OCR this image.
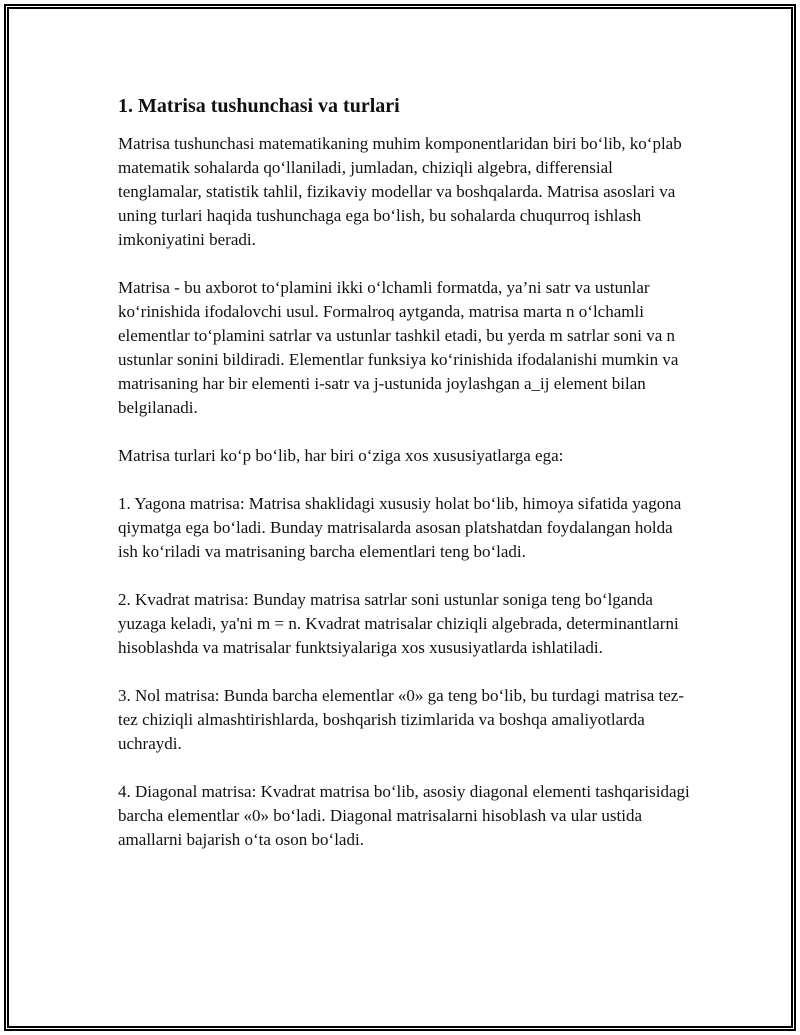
1. Matrisa tushunchasi va turlari

Matrisa tushunchasi matematikaning muhim komponentlaridan biri bo‘lib, ko‘plab matematik sohalarda qo‘llaniladi, jumladan, chiziqli algebra, differensial tenglamalar, statistik tahlil, fizikaviy modellar va boshqalarda. Matrisa asoslari va uning turlari haqida tushunchaga ega bo‘lish, bu sohalarda chuqurroq ishlash imkoniyatini beradi.

Matrisa - bu axborot to‘plamini ikki o‘lchamli formatda, ya’ni satr va ustunlar ko‘rinishida ifodalovchi usul. Formalroq aytganda, matrisa marta n o‘lchamli elementlar to‘plamini satrlar va ustunlar tashkil etadi, bu yerda m satrlar soni va n ustunlar sonini bildiradi. Elementlar funksiya ko‘rinishida ifodalanishi mumkin va matrisaning har bir elementi i-satr va j-ustunida joylashgan a_ij element bilan belgilanadi.

Matrisa turlari ko‘p bo‘lib, har biri o‘ziga xos xususiyatlarga ega:

1. Yagona matrisa: Matrisa shaklidagi xususiy holat bo‘lib, himoya sifatida yagona qiymatga ega bo‘ladi. Bunday matrisalarda asosan platshatdan foydalangan holda ish ko‘riladi va matrisaning barcha elementlari teng bo‘ladi.

2. Kvadrat matrisa: Bunday matrisa satrlar soni ustunlar soniga teng bo‘lganda yuzaga keladi, ya'ni m = n. Kvadrat matrisalar chiziqli algebrada, determinantlarni hisoblashda va matrisalar funktsiyalariga xos xususiyatlarda ishlatiladi.

3. Nol matrisa: Bunda barcha elementlar «0» ga teng bo‘lib, bu turdagi matrisa tez-tez chiziqli almashtirishlarda, boshqarish tizimlarida va boshqa amaliyotlarda uchraydi.

4. Diagonal matrisa: Kvadrat matrisa bo‘lib, asosiy diagonal elementi tashqarisidagi barcha elementlar «0» bo‘ladi. Diagonal matrisalarni hisoblash va ular ustida amallarni bajarish o‘ta oson bo‘ladi.
